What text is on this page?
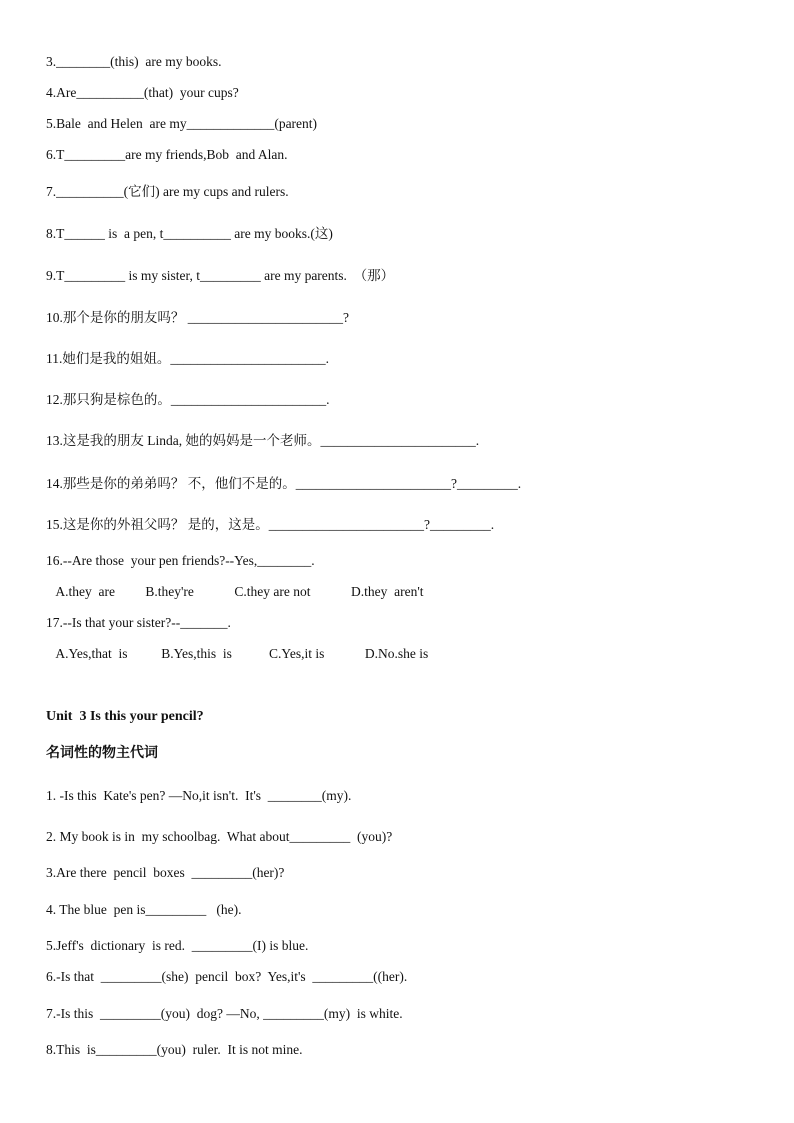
3.________(this)  are my books.
4.Are__________(that)  your cups?
5.Bale  and Helen  are my_____________(parent)
6.T_________are my friends,Bob  and Alan.
7.__________(它们) are my cups and rulers.
8.T______ is  a pen, t__________ are my books.(这)
9.T_________ is my sister, t_________ are my parents.  （那）
10.那个是你的朋友吗？ _______________________?
11.她们是我的姐姐。_______________________.
12.那只狗是棕色的。_______________________.
13.这是我的朋友 Linda, 她的妈妈是一个老师。_______________________.
14.那些是你的弟弟吗？ 不，他们不是的。_______________________?_________.
15.这是你的外祖父吗？ 是的，这是。_______________________?_________.
16.--Are those  your pen friends?--Yes,________.
A.they  are         B.they're            C.they are not            D.they  aren't
17.--Is that your sister?--_______.
A.Yes,that  is          B.Yes,this  is           C.Yes,it is            D.No.she is
Unit  3 Is this your pencil?
名词性的物主代词
1. -Is this  Kate's pen? —No,it isn't.  It's  ________(my).
2. My book is in  my schoolbag.  What about_________  (you)?
3.Are there  pencil  boxes  _________(her)?
4. The blue  pen is_________   (he).
5.Jeff's  dictionary  is red.  _________(I) is blue.
6.-Is that  _________(she)  pencil  box?  Yes,it's  _________((her).
7.-Is this  _________(you)  dog? —No, _________(my)  is white.
8.This  is_________(you)  ruler.  It is not mine.
